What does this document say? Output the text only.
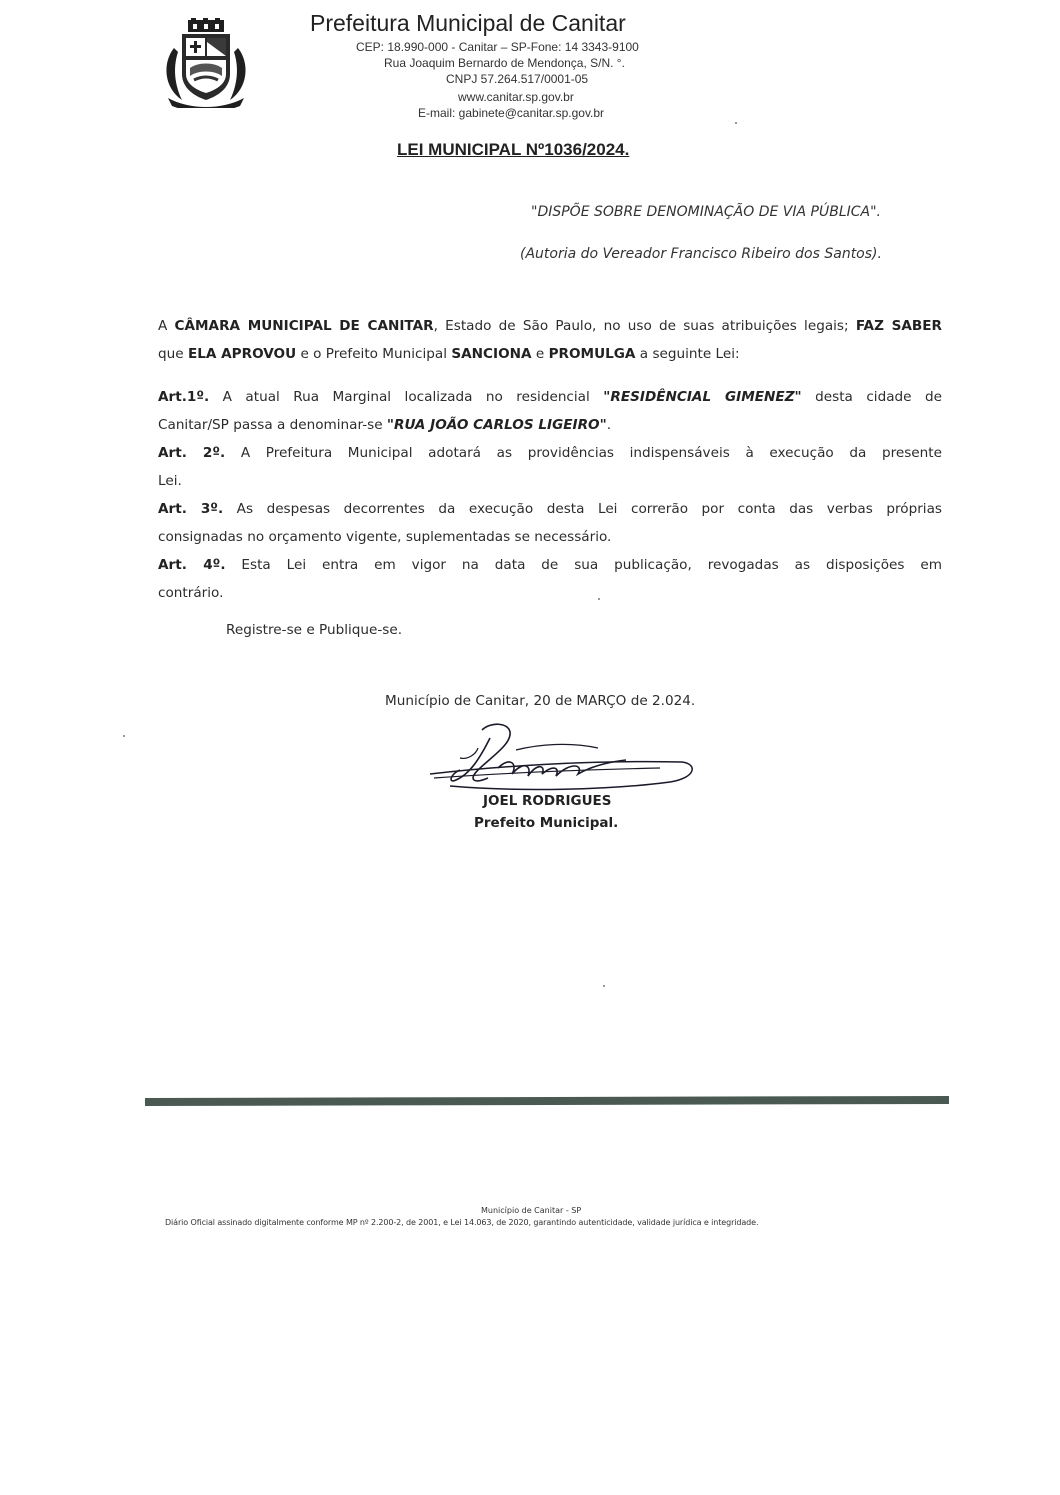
Prefeitura Municipal de Canitar
CEP: 18.990-000 - Canitar – SP-Fone: 14 3343-9100
Rua Joaquim Bernardo de Mendonça, S/N. °.
CNPJ 57.264.517/0001-05
www.canitar.sp.gov.br
E-mail: gabinete@canitar.sp.gov.br
LEI MUNICIPAL Nº1036/2024.
"DISPÕE SOBRE DENOMINAÇÃO DE VIA PÚBLICA".
(Autoria do Vereador Francisco Ribeiro dos Santos).
A CÂMARA MUNICIPAL DE CANITAR, Estado de São Paulo, no uso de suas atribuições legais; FAZ SABER
que ELA APROVOU e o Prefeito Municipal SANCIONA e PROMULGA a seguinte Lei:
Art.1º. A atual Rua Marginal localizada no residencial "RESIDÊNCIAL GIMENEZ" desta cidade de
Canitar/SP passa a denominar-se "RUA JOÃO CARLOS LIGEIRO".
Art. 2º. A Prefeitura Municipal adotará as providências indispensáveis à execução da presente
Lei.
Art. 3º. As despesas decorrentes da execução desta Lei correrão por conta das verbas próprias
consignadas no orçamento vigente, suplementadas se necessário.
Art. 4º. Esta Lei entra em vigor na data de sua publicação, revogadas as disposições em
contrário.
Registre-se e Publique-se.
Município de Canitar, 20 de MARÇO de 2.024.
JOEL RODRIGUES
Prefeito Municipal.
Município de Canitar - SP
Diário Oficial assinado digitalmente conforme MP nº 2.200-2, de 2001, e Lei 14.063, de 2020, garantindo autenticidade, validade jurídica e integridade.
